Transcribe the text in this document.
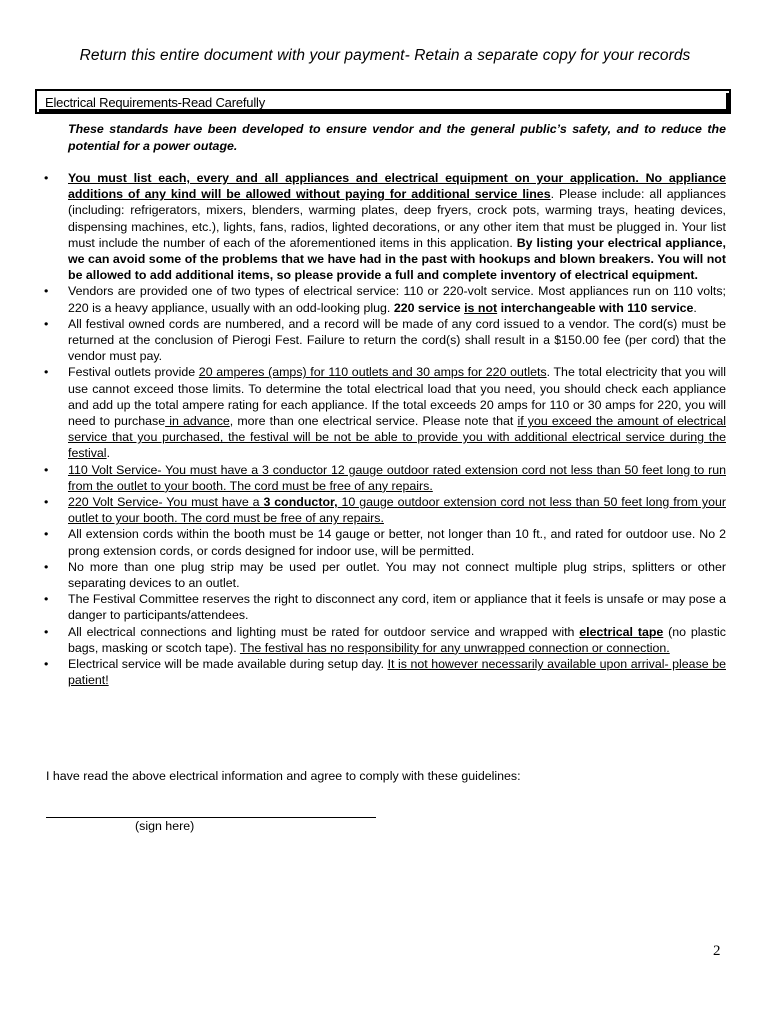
Return this entire document with your payment- Retain a separate copy for your records
Electrical Requirements-Read Carefully
These standards have been developed to ensure vendor and the general public’s safety, and to reduce the potential for a power outage.
• You must list each, every and all appliances and electrical equipment on your application. No appliance additions of any kind will be allowed without paying for additional service lines. Please include: all appliances (including: refrigerators, mixers, blenders, warming plates, deep fryers, crock pots, warming trays, heating devices, dispensing machines, etc.), lights, fans, radios, lighted decorations, or any other item that must be plugged in. Your list must include the number of each of the aforementioned items in this application. By listing your electrical appliance, we can avoid some of the problems that we have had in the past with hookups and blown breakers. You will not be allowed to add additional items, so please provide a full and complete inventory of electrical equipment.
• Vendors are provided one of two types of electrical service: 110 or 220-volt service. Most appliances run on 110 volts; 220 is a heavy appliance, usually with an odd-looking plug. 220 service is not interchangeable with 110 service.
• All festival owned cords are numbered, and a record will be made of any cord issued to a vendor. The cord(s) must be returned at the conclusion of Pierogi Fest. Failure to return the cord(s) shall result in a $150.00 fee (per cord) that the vendor must pay.
• Festival outlets provide 20 amperes (amps) for 110 outlets and 30 amps for 220 outlets. The total electricity that you will use cannot exceed those limits. To determine the total electrical load that you need, you should check each appliance and add up the total ampere rating for each appliance. If the total exceeds 20 amps for 110 or 30 amps for 220, you will need to purchase in advance, more than one electrical service. Please note that if you exceed the amount of electrical service that you purchased, the festival will be not be able to provide you with additional electrical service during the festival.
• 110 Volt Service- You must have a 3 conductor 12 gauge outdoor rated extension cord not less than 50 feet long to run from the outlet to your booth. The cord must be free of any repairs.
• 220 Volt Service- You must have a 3 conductor, 10 gauge outdoor extension cord not less than 50 feet long from your outlet to your booth. The cord must be free of any repairs.
• All extension cords within the booth must be 14 gauge or better, not longer than 10 ft., and rated for outdoor use. No 2 prong extension cords, or cords designed for indoor use, will be permitted.
• No more than one plug strip may be used per outlet. You may not connect multiple plug strips, splitters or other separating devices to an outlet.
• The Festival Committee reserves the right to disconnect any cord, item or appliance that it feels is unsafe or may pose a danger to participants/attendees.
• All electrical connections and lighting must be rated for outdoor service and wrapped with electrical tape (no plastic bags, masking or scotch tape). The festival has no responsibility for any unwrapped connection or connection.
• Electrical service will be made available during setup day. It is not however necessarily available upon arrival- please be patient!
I have read the above electrical information and agree to comply with these guidelines:
(sign here)
2
